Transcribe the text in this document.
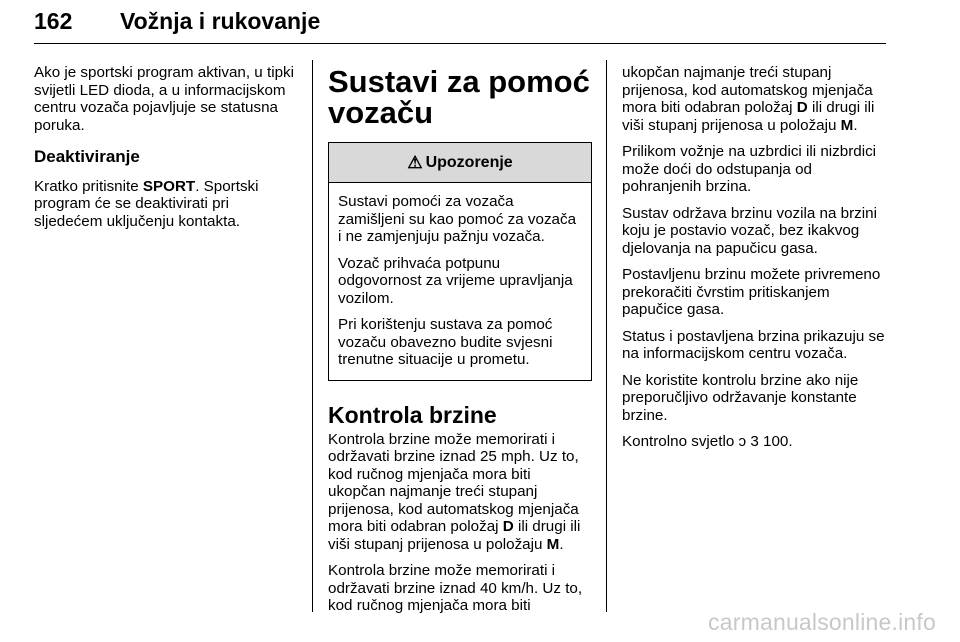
162 Vožnja i rukovanje

Ako je sportski program aktivan, u tipki svijetli LED dioda, a u informacijskom centru vozača pojavljuje se statusna poruka.

Deaktiviranje

Kratko pritisnite SPORT. Sportski program će se deaktivirati pri sljedećem uključenju kontakta.

Sustavi za pomoć vozaču
⚠ Upozorenje

Sustavi pomoći za vozača zamišljeni su kao pomoć za vozača i ne zamjenjuju pažnju vozača.

Vozač prihvaća potpunu odgovornost za vrijeme upravljanja vozilom.

Pri korištenju sustava za pomoć vozaču obavezno budite svjesni trenutne situacije u prometu.

Kontrola brzine

Kontrola brzine može memorirati i održavati brzine iznad 25 mph. Uz to, kod ručnog mjenjača mora biti ukopčan najmanje treći stupanj prijenosa, kod automatskog mjenjača mora biti odabran položaj D ili drugi ili viši stupanj prijenosa u položaju M.

Kontrola brzine može memorirati i održavati brzine iznad 40 km/h. Uz to, kod ručnog mjenjača mora biti

ukopčan najmanje treći stupanj prijenosa, kod automatskog mjenjača mora biti odabran položaj D ili drugi ili viši stupanj prijenosa u položaju M.

Prilikom vožnje na uzbrdici ili nizbrdici može doći do odstupanja od pohranjenih brzina.

Sustav održava brzinu vozila na brzini koju je postavio vozač, bez ikakvog djelovanja na papučicu gasa.

Postavljenu brzinu možete privremeno prekoračiti čvrstim pritiskanjem papučice gasa.

Status i postavljena brzina prikazuju se na informacijskom centru vozača.

Ne koristite kontrolu brzine ako nije preporučljivo održavanje konstante brzine.

Kontrolno svjetlo ↄ 3 100.

carmanualsonline.info
